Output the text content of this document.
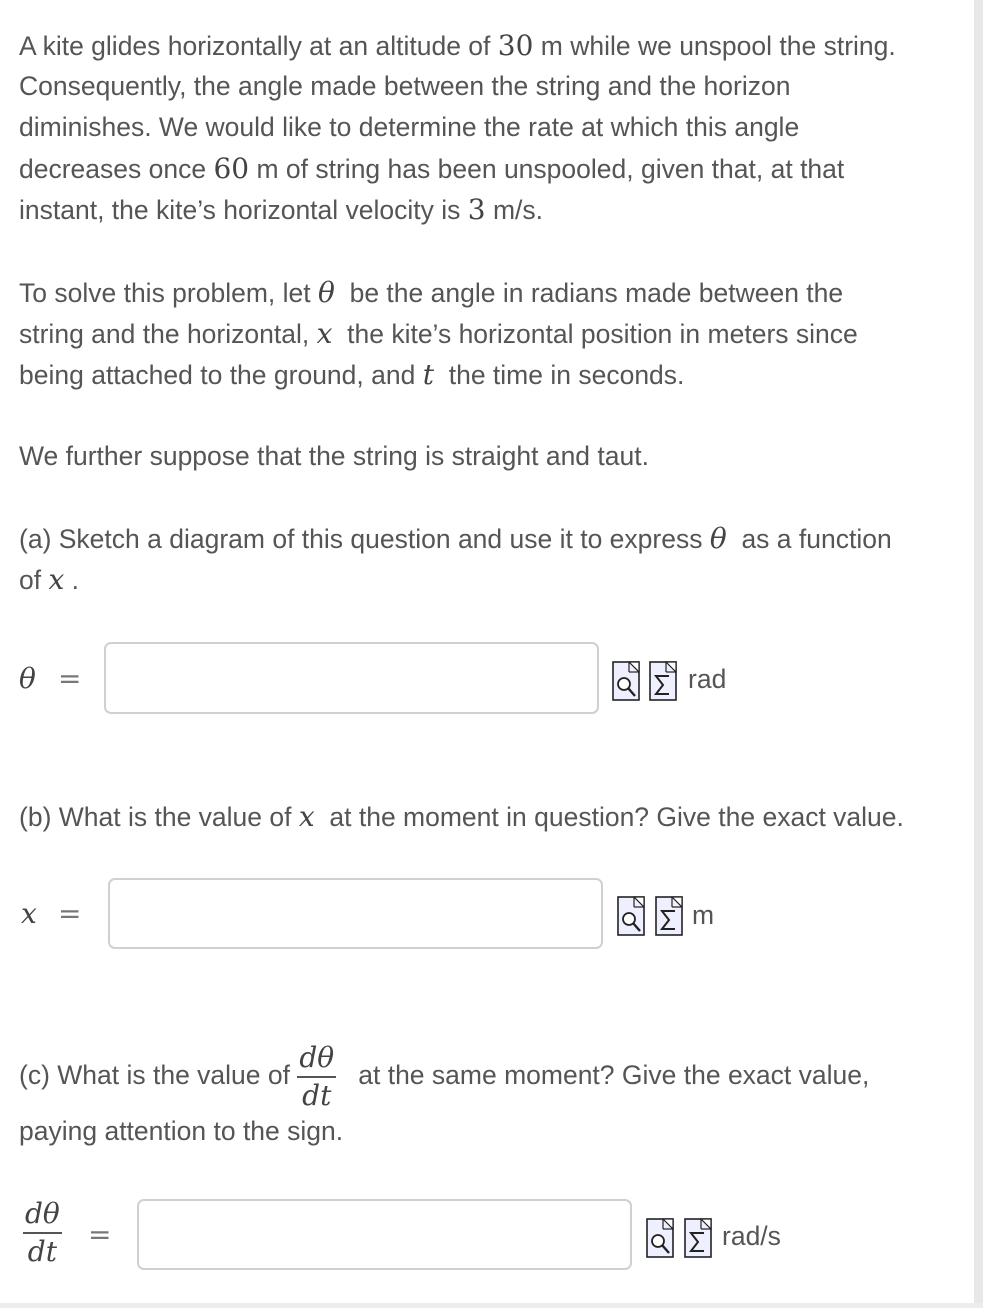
A kite glides horizontally at an altitude of 30 m while we unspool the string.
Consequently, the angle made between the string and the horizon
diminishes. We would like to determine the rate at which this angle
decreases once 60 m of string has been unspooled, given that, at that
instant, the kite’s horizontal velocity is 3 m/s.
To solve this problem, let θ  be the angle in radians made between the
string and the horizontal, x  the kite’s horizontal position in meters since
being attached to the ground, and t  the time in seconds.
We further suppose that the string is straight and taut.
(a) Sketch a diagram of this question and use it to express θ  as a function
of x .
θ =	rad
(b) What is the value of x  at the moment in question? Give the exact value.
x =	m
(c) What is the value of $\frac{d\theta}{dt}$ at the same moment? Give the exact value,
paying attention to the sign.
$\frac{d\theta}{dt}$ =	rad/s
